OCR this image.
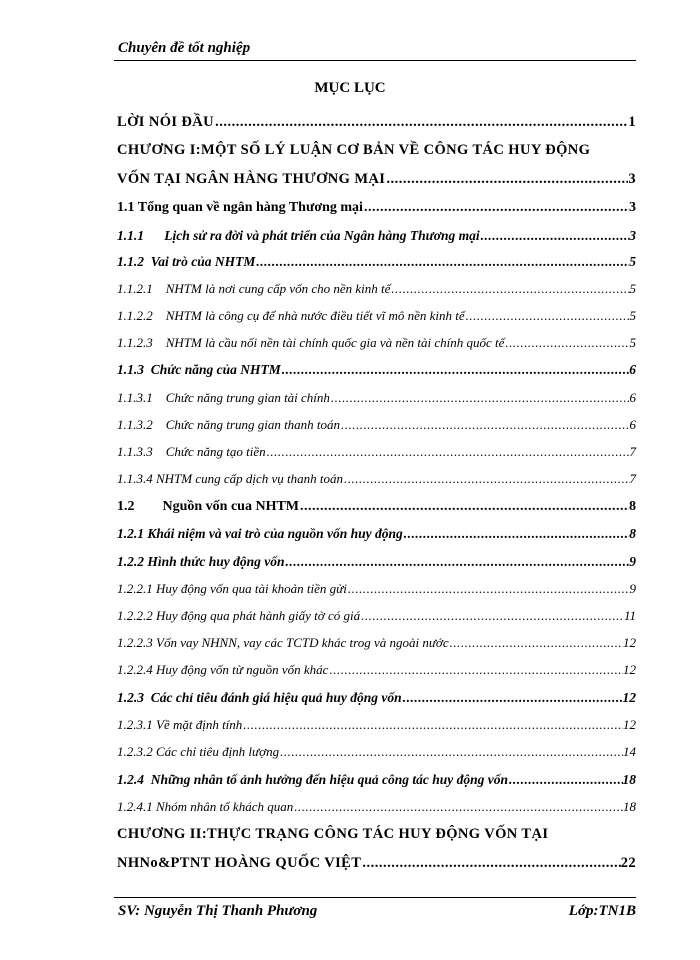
Chuyên đề tốt nghiệp
MỤC LỤC
LỜI NÓI ĐẦU .....	1
CHƯƠNG I:MỘT SỐ LÝ LUẬN CƠ BẢN VỀ CÔNG TÁC HUY ĐỘNG
VỐN TẠI NGÂN HÀNG THƯƠNG MẠI .....	3
1.1 Tổng quan về ngân hàng Thương mại .....	3
1.1.1      Lịch sử ra đời và phát triển của Ngân hàng Thương mại .....	3
1.1.2  Vai trò của NHTM .....	5
1.1.2.1    NHTM là nơi cung cấp vốn cho nền kinh tế .....	5
1.1.2.2    NHTM là công cụ để nhà nước điều tiết vĩ mô nền kinh tế .....	5
1.1.2.3    NHTM là cầu nối nền tài chính quốc gia và nền tài chính quốc tế .....	5
1.1.3  Chức năng của NHTM .....	6
1.1.3.1    Chức năng trung gian tài chính .....	6
1.1.3.2    Chức năng trung gian thanh toán .....	6
1.1.3.3    Chức năng tạo tiền .....	7
1.1.3.4 NHTM cung cấp dịch vụ thanh toán .....	7
1.2        Nguồn vốn cua NHTM .....	8
1.2.1 Khái niệm và vai trò của nguồn vốn huy động .....	8
1.2.2 Hình thức huy động vốn .....	9
1.2.2.1 Huy động vốn qua tài khoản tiền gửi .....	9
1.2.2.2 Huy động qua phát hành giấy tờ có giá .....	11
1.2.2.3 Vốn vay NHNN, vay các TCTD khác trog và ngoài nước .....	12
1.2.2.4 Huy động vốn từ nguồn vốn khác .....	12
1.2.3  Các chỉ tiêu đánh giá hiệu quả huy động vốn .....	12
1.2.3.1 Về mặt định tính .....	12
1.2.3.2 Các chỉ tiêu định lượng .....	14
1.2.4  Những nhân tố ảnh hưởng đến hiệu quả công tác huy động vốn .....	18
1.2.4.1 Nhóm nhân tố khách quan .....	18
CHƯƠNG II:THỰC TRẠNG CÔNG TÁC HUY ĐỘNG VỐN TẠI
NHNo&PTNT HOÀNG QUỐC VIỆT .....	22
SV: Nguyễn Thị Thanh Phương	Lớp:TN1B
